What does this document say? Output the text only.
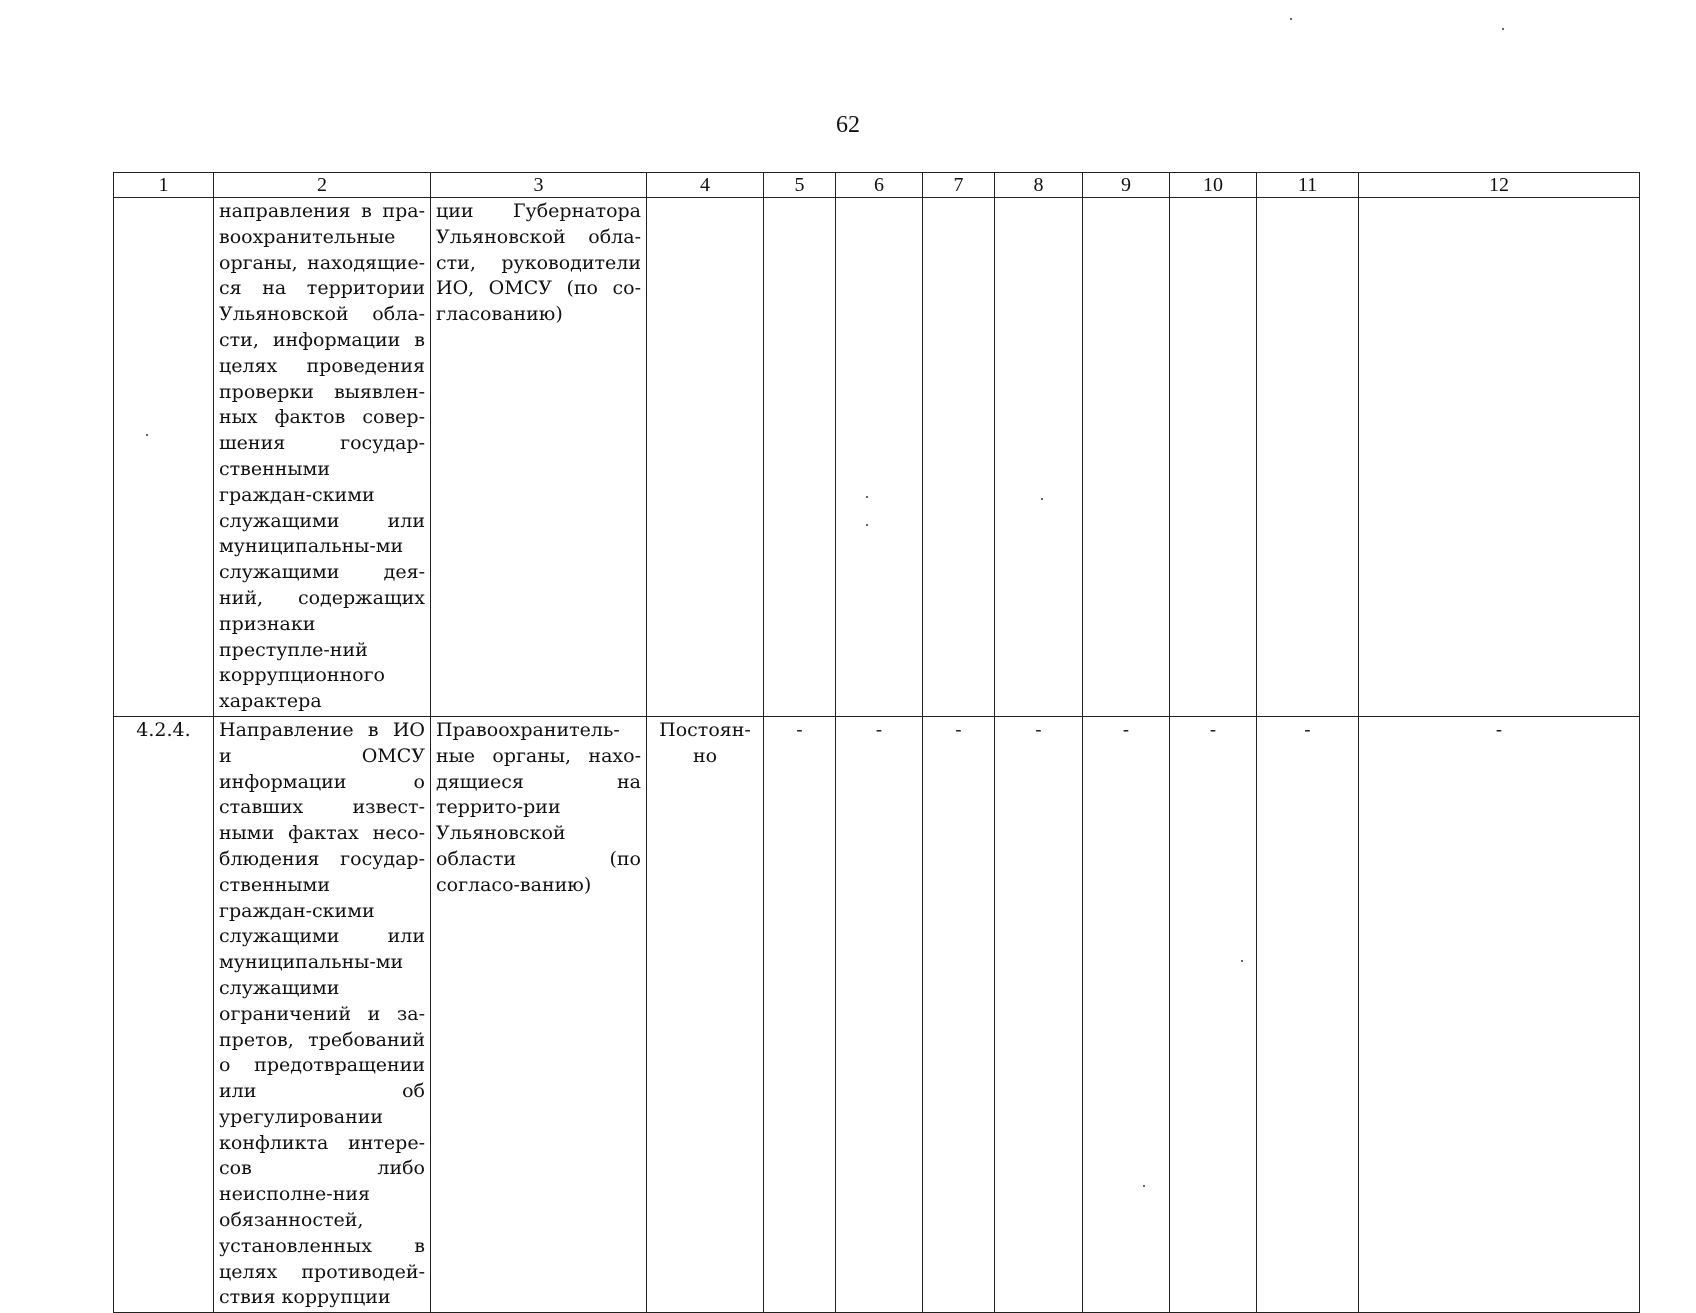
62
1	2	3	4	5	6	7	8	9	10	11	12
	направления в пра-воохранительные органы, находящие-ся на территории Ульяновской обла-сти, информации в целях проведения проверки выявлен-ных фактов совер-шения государ-ственными граждан-скими служащими или муниципальны-ми служащими дея-ний, содержащих признаки преступле-ний коррупционного характера	ции Губернатора Ульяновской обла-сти, руководители ИО, ОМСУ (по со-гласованию)									
4.2.4.	Направление в ИО и ОМСУ информации о ставших извест-ными фактах несо-блюдения государ-ственными граждан-скими служащими или муниципальны-ми служащими ограничений и за-претов, требований о предотвращении или об урегулировании конфликта интере-сов либо неисполне-ния обязанностей, установленных в целях противодей-ствия коррупции	Правоохранитель-ные органы, нахо-дящиеся на террито-рии Ульяновской области (по согласо-ванию)	Постоян-но	-	-	-	-	-	-	-	-
